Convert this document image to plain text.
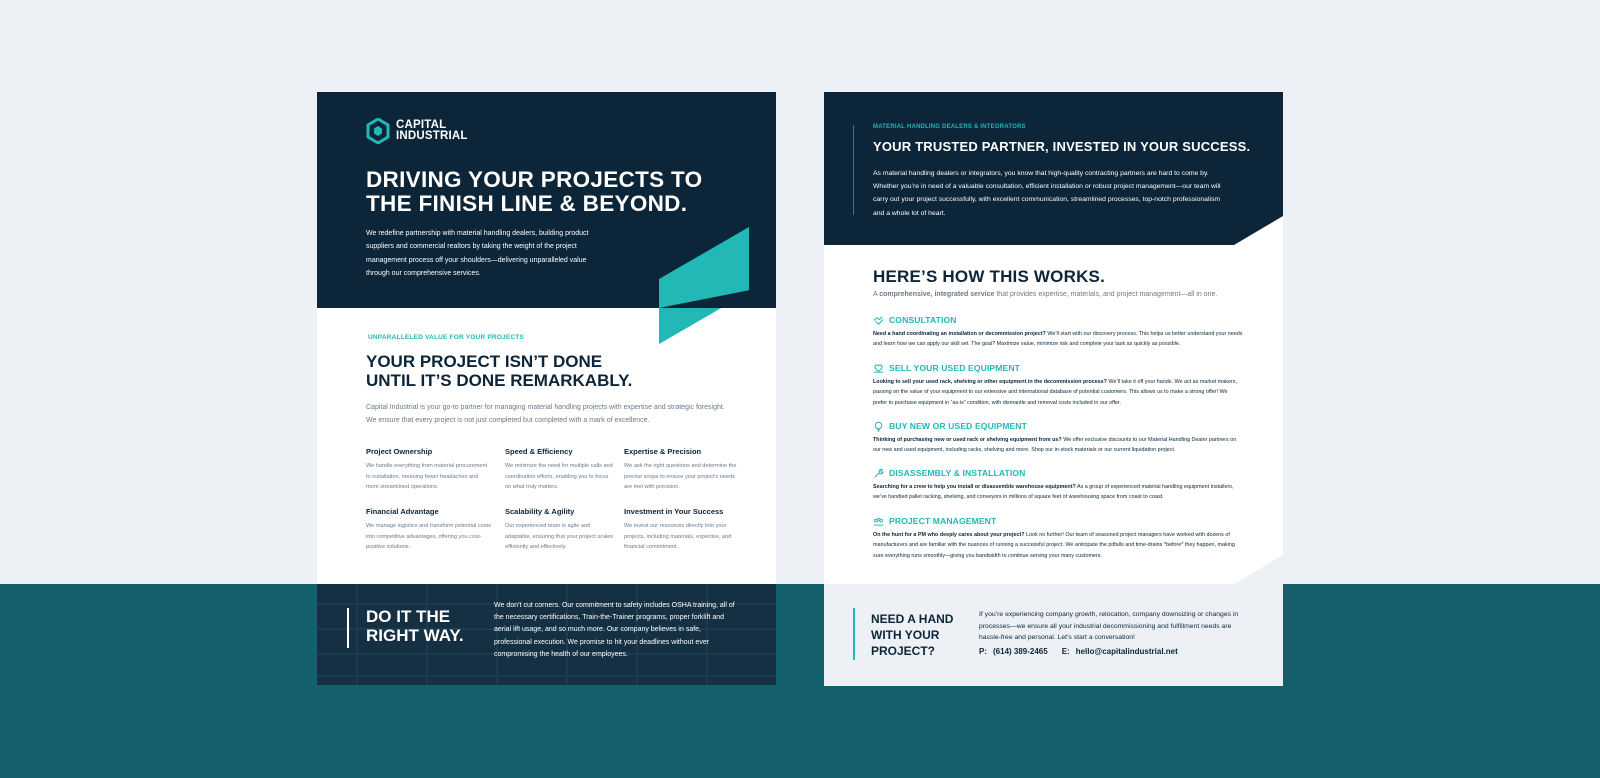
CAPITAL
INDUSTRIAL
DRIVING YOUR PROJECTS TO
THE FINISH LINE & BEYOND.
We redefine partnership with material handling dealers, building product suppliers and commercial realtors by taking the weight of the project management process off your shoulders—delivering unparalleled value through our comprehensive services.
UNPARALLELED VALUE FOR YOUR PROJECTS
YOUR PROJECT ISN’T DONE
UNTIL IT’S DONE REMARKABLY.
Capital Industrial is your go-to partner for managing material handling projects with expertise and strategic foresight. We ensure that every project is not just completed but completed with a mark of excellence.
Project Ownership
We handle everything from material procurement to installation, meaning fewer headaches and more streamlined operations.
Speed & Efficiency
We minimize the need for multiple calls and coordination efforts, enabling you to focus on what truly matters.
Expertise & Precision
We ask the right questions and determine the precise scope to ensure your project’s needs are met with precision.
Financial Advantage
We manage logistics and transform potential costs into competitive advantages, offering you cost-positive solutions.
Scalability & Agility
Our experienced team is agile and adaptable, ensuring that your project scales efficiently and effectively.
Investment in Your Success
We invest our resources directly into your projects, including materials, expertise, and financial commitment.
DO IT THE
RIGHT WAY.
We don’t cut corners. Our commitment to safety includes OSHA training, all of the necessary certifications, Train-the-Trainer programs, proper forklift and aerial lift usage, and so much more. Our company believes in safe, professional execution. We promise to hit your deadlines without ever compromising the health of our employees.
MATERIAL HANDLING DEALERS & INTEGRATORS
YOUR TRUSTED PARTNER, INVESTED IN YOUR SUCCESS.
As material handling dealers or integrators, you know that high-quality contracting partners are hard to come by. Whether you’re in need of a valuable consultation, efficient installation or robust project management—our team will carry out your project successfully, with excellent communication, streamlined processes, top-notch professionalism and a whole lot of heart.
HERE’S HOW THIS WORKS.
A comprehensive, integrated service that provides expertise, materials, and project management—all in one.
CONSULTATION
Need a hand coordinating an installation or decommission project? We’ll start with our discovery process. This helps us better understand your needs and learn how we can apply our skill set. The goal? Maximize value, minimize risk and complete your task as quickly as possible.
SELL YOUR USED EQUIPMENT
Looking to sell your used rack, shelving or other equipment in the decommission process? We’ll take it off your hands. We act as market makers, passing on the value of your equipment to our extensive and international database of potential customers. This allows us to make a strong offer! We prefer to purchase equipment in “as-is” condition, with dismantle and removal costs included in our offer.
BUY NEW OR USED EQUIPMENT
Thinking of purchasing new or used rack or shelving equipment from us? We offer exclusive discounts to our Material Handling Dealer partners on our new and used equipment, including racks, shelving and more. Shop our in-stock materials or our current liquidation project.
DISASSEMBLY & INSTALLATION
Searching for a crew to help you install or disassemble warehouse equipment? As a group of experienced material handling equipment installers, we’ve handled pallet racking, shelving, and conveyors in millions of square feet of warehousing space from coast to coast.
PROJECT MANAGEMENT
On the hunt for a PM who deeply cares about your project? Look no further! Our team of seasoned project managers have worked with dozens of manufacturers and are familiar with the nuances of running a successful project. We anticipate the pitfalls and time-drains *before* they happen, making sure everything runs smoothly—giving you bandwidth to continue serving your many customers.
NEED A HAND
WITH YOUR
PROJECT?
If you’re experiencing company growth, relocation, company downsizing or changes in processes—we ensure all your industrial decommissioning and fulfillment needs are hassle-free and personal. Let’s start a conversation!
P: (614) 389-2465 E: hello@capitalindustrial.net
